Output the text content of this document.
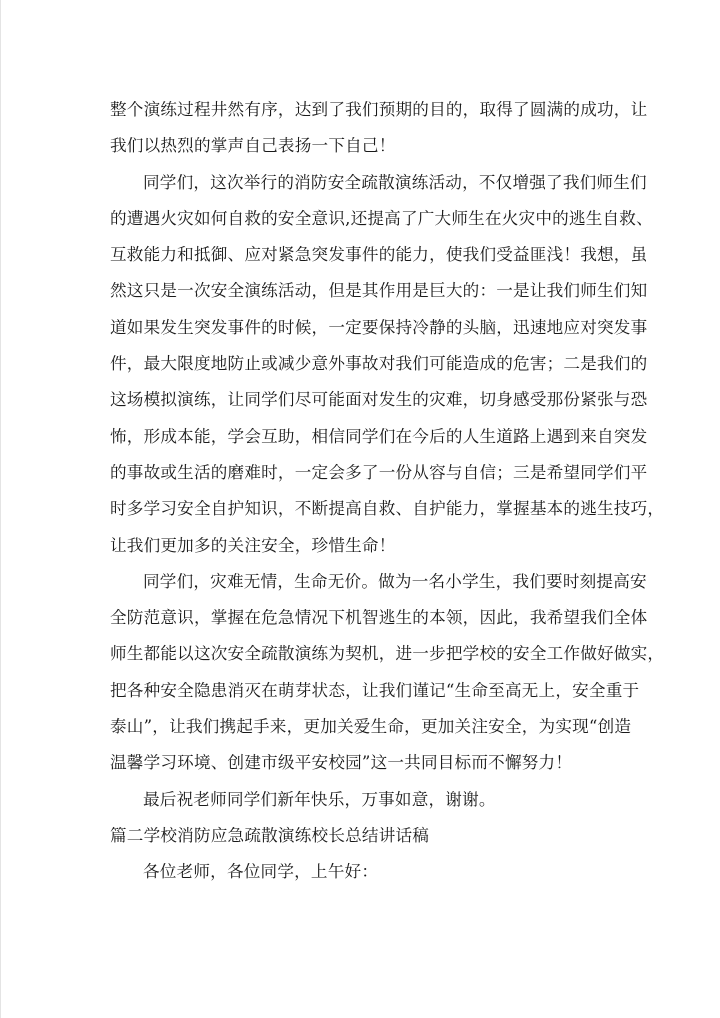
整个演练过程井然有序，达到了我们预期的目的，取得了圆满的成功，让
我们以热烈的掌声自己表扬一下自己！
同学们，这次举行的消防安全疏散演练活动，不仅增强了我们师生们
的遭遇火灾如何自救的安全意识,还提高了广大师生在火灾中的逃生自救、
互救能力和抵御、应对紧急突发事件的能力，使我们受益匪浅！我想，虽
然这只是一次安全演练活动，但是其作用是巨大的：一是让我们师生们知
道如果发生突发事件的时候，一定要保持冷静的头脑，迅速地应对突发事
件，最大限度地防止或减少意外事故对我们可能造成的危害；二是我们的
这场模拟演练，让同学们尽可能面对发生的灾难，切身感受那份紧张与恐
怖，形成本能，学会互助，相信同学们在今后的人生道路上遇到来自突发
的事故或生活的磨难时，一定会多了一份从容与自信；三是希望同学们平
时多学习安全自护知识，不断提高自救、自护能力，掌握基本的逃生技巧，
让我们更加多的关注安全，珍惜生命！
同学们，灾难无情，生命无价。做为一名小学生，我们要时刻提高安
全防范意识，掌握在危急情况下机智逃生的本领，因此，我希望我们全体
师生都能以这次安全疏散演练为契机，进一步把学校的安全工作做好做实，
把各种安全隐患消灭在萌芽状态，让我们谨记“生命至高无上，安全重于
泰山”，让我们携起手来，更加关爱生命，更加关注安全，为实现“创造
温馨学习环境、创建市级平安校园”这一共同目标而不懈努力！
最后祝老师同学们新年快乐，万事如意，谢谢。
篇二学校消防应急疏散演练校长总结讲话稿
各位老师，各位同学，上午好：
